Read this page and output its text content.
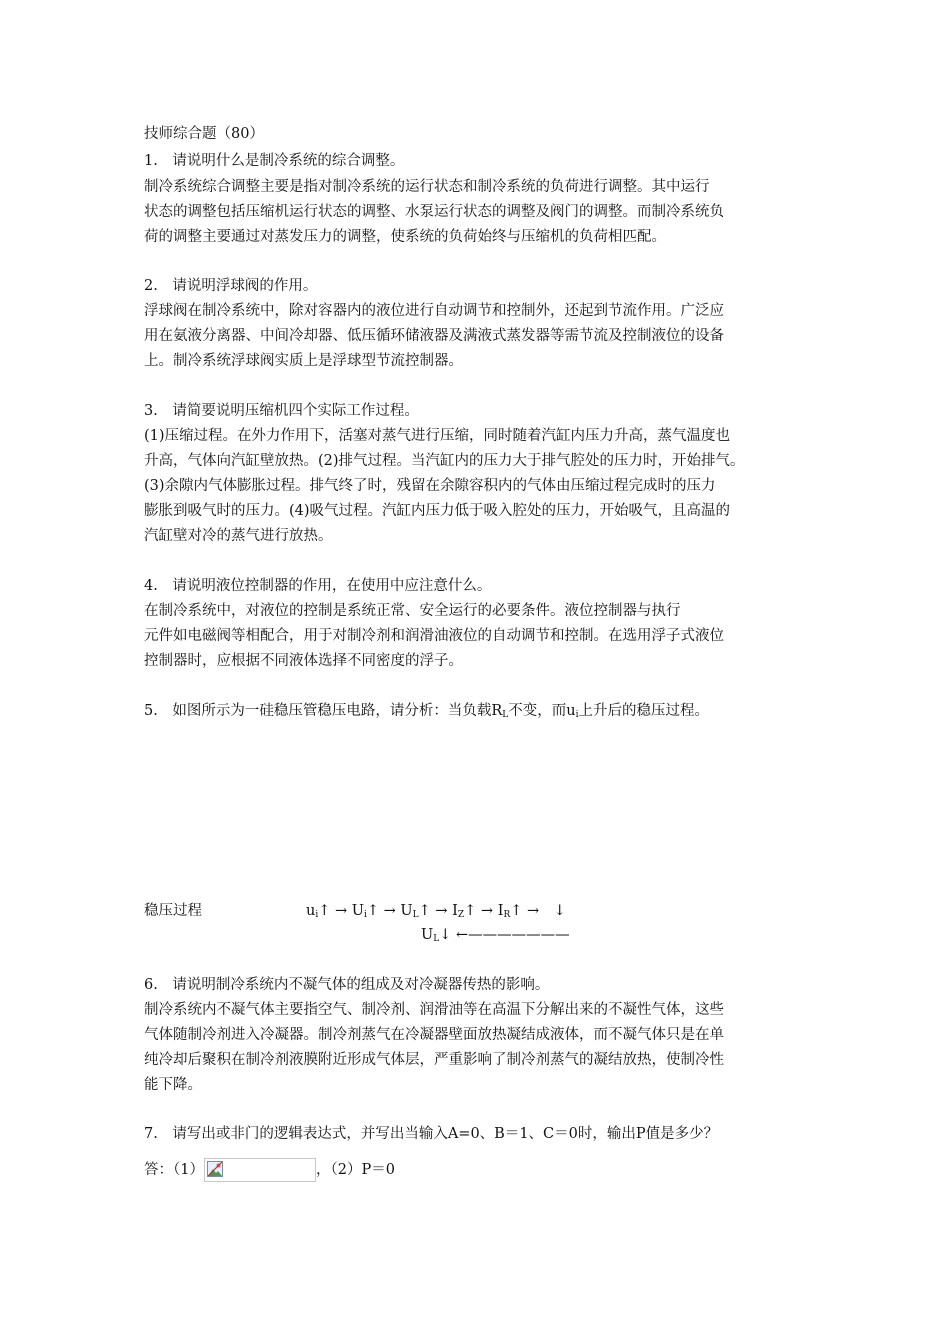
技师综合题（80）
1.　请说明什么是制冷系统的综合调整。
制冷系统综合调整主要是指对制冷系统的运行状态和制冷系统的负荷进行调整。其中运行
状态的调整包括压缩机运行状态的调整、水泵运行状态的调整及阀门的调整。而制冷系统负
荷的调整主要通过对蒸发压力的调整，使系统的负荷始终与压缩机的负荷相匹配。
2.　请说明浮球阀的作用。
浮球阀在制冷系统中，除对容器内的液位进行自动调节和控制外，还起到节流作用。广泛应
用在氨液分离器、中间冷却器、低压循环储液器及满液式蒸发器等需节流及控制液位的设备
上。制冷系统浮球阀实质上是浮球型节流控制器。
3.　请简要说明压缩机四个实际工作过程。
(1)压缩过程。在外力作用下，活塞对蒸气进行压缩，同时随着汽缸内压力升高，蒸气温度也
升高，气体向汽缸壁放热。(2)排气过程。当汽缸内的压力大于排气腔处的压力时，开始排气。
(3)余隙内气体膨胀过程。排气终了时，残留在余隙容积内的气体由压缩过程完成时的压力
膨胀到吸气时的压力。(4)吸气过程。汽缸内压力低于吸入腔处的压力，开始吸气，且高温的
汽缸壁对冷的蒸气进行放热。
4.　请说明液位控制器的作用，在使用中应注意什么。
在制冷系统中，对液位的控制是系统正常、安全运行的必要条件。液位控制器与执行
元件如电磁阀等相配合，用于对制冷剂和润滑油液位的自动调节和控制。在选用浮子式液位
控制器时，应根据不同液体选择不同密度的浮子。
5.　如图所示为一硅稳压管稳压电路，请分析：当负载$R_L$不变，而$u_i$上升后的稳压过程。
稳压过程	$u_i↑$ → $U_i↑$ → $U_L↑$ → $I_Z↑$ → $I_R↑$ →　↓
$U_L↓$ ←———————
6.　请说明制冷系统内不凝气体的组成及对冷凝器传热的影响。
制冷系统内不凝气体主要指空气、制冷剂、润滑油等在高温下分解出来的不凝性气体，这些
气体随制冷剂进入冷凝器。制冷剂蒸气在冷凝器壁面放热凝结成液体，而不凝气体只是在单
纯冷却后聚积在制冷剂液膜附近形成气体层，严重影响了制冷剂蒸气的凝结放热，使制冷性
能下降。
7.　请写出或非门的逻辑表达式，并写出当输入A=0、B＝1、C＝0时，输出P值是多少？
答：（1）	，（2）P＝0
